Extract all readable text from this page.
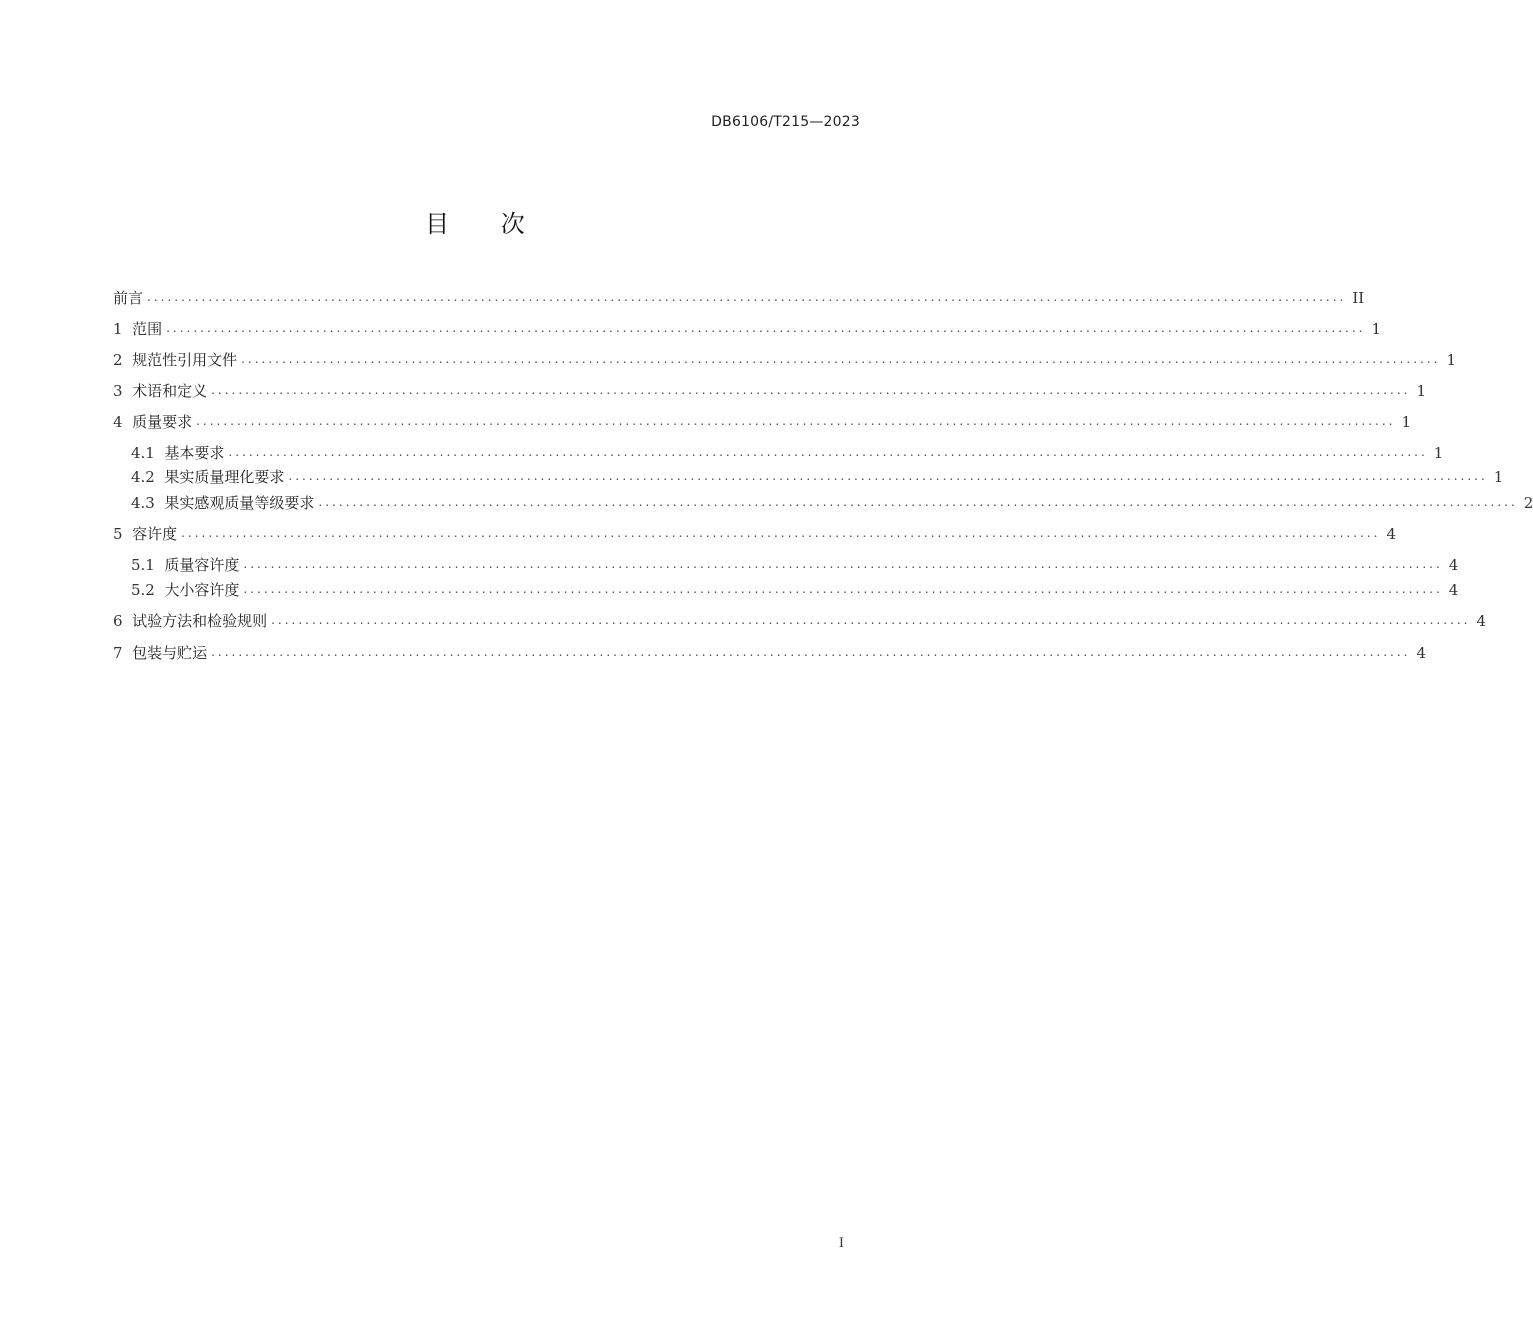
DB6106/T215—2023
目 次
前言 ................................................................................................................................................................................ II
1 范围 ................................................................................................................................................................................ 1
2 规范性引用文件 ................................................................................................................................................................................ 1
3 术语和定义 ................................................................................................................................................................................ 1
4 质量要求 ................................................................................................................................................................................ 1
4.1 基本要求 ................................................................................................................................................................................ 1
4.2 果实质量理化要求 ................................................................................................................................................................................ 1
4.3 果实感观质量等级要求 ................................................................................................................................................................................ 2
5 容许度 ................................................................................................................................................................................ 4
5.1 质量容许度 ................................................................................................................................................................................ 4
5.2 大小容许度 ................................................................................................................................................................................ 4
6 试验方法和检验规则 ................................................................................................................................................................................ 4
7 包装与贮运 ................................................................................................................................................................................ 4
I
